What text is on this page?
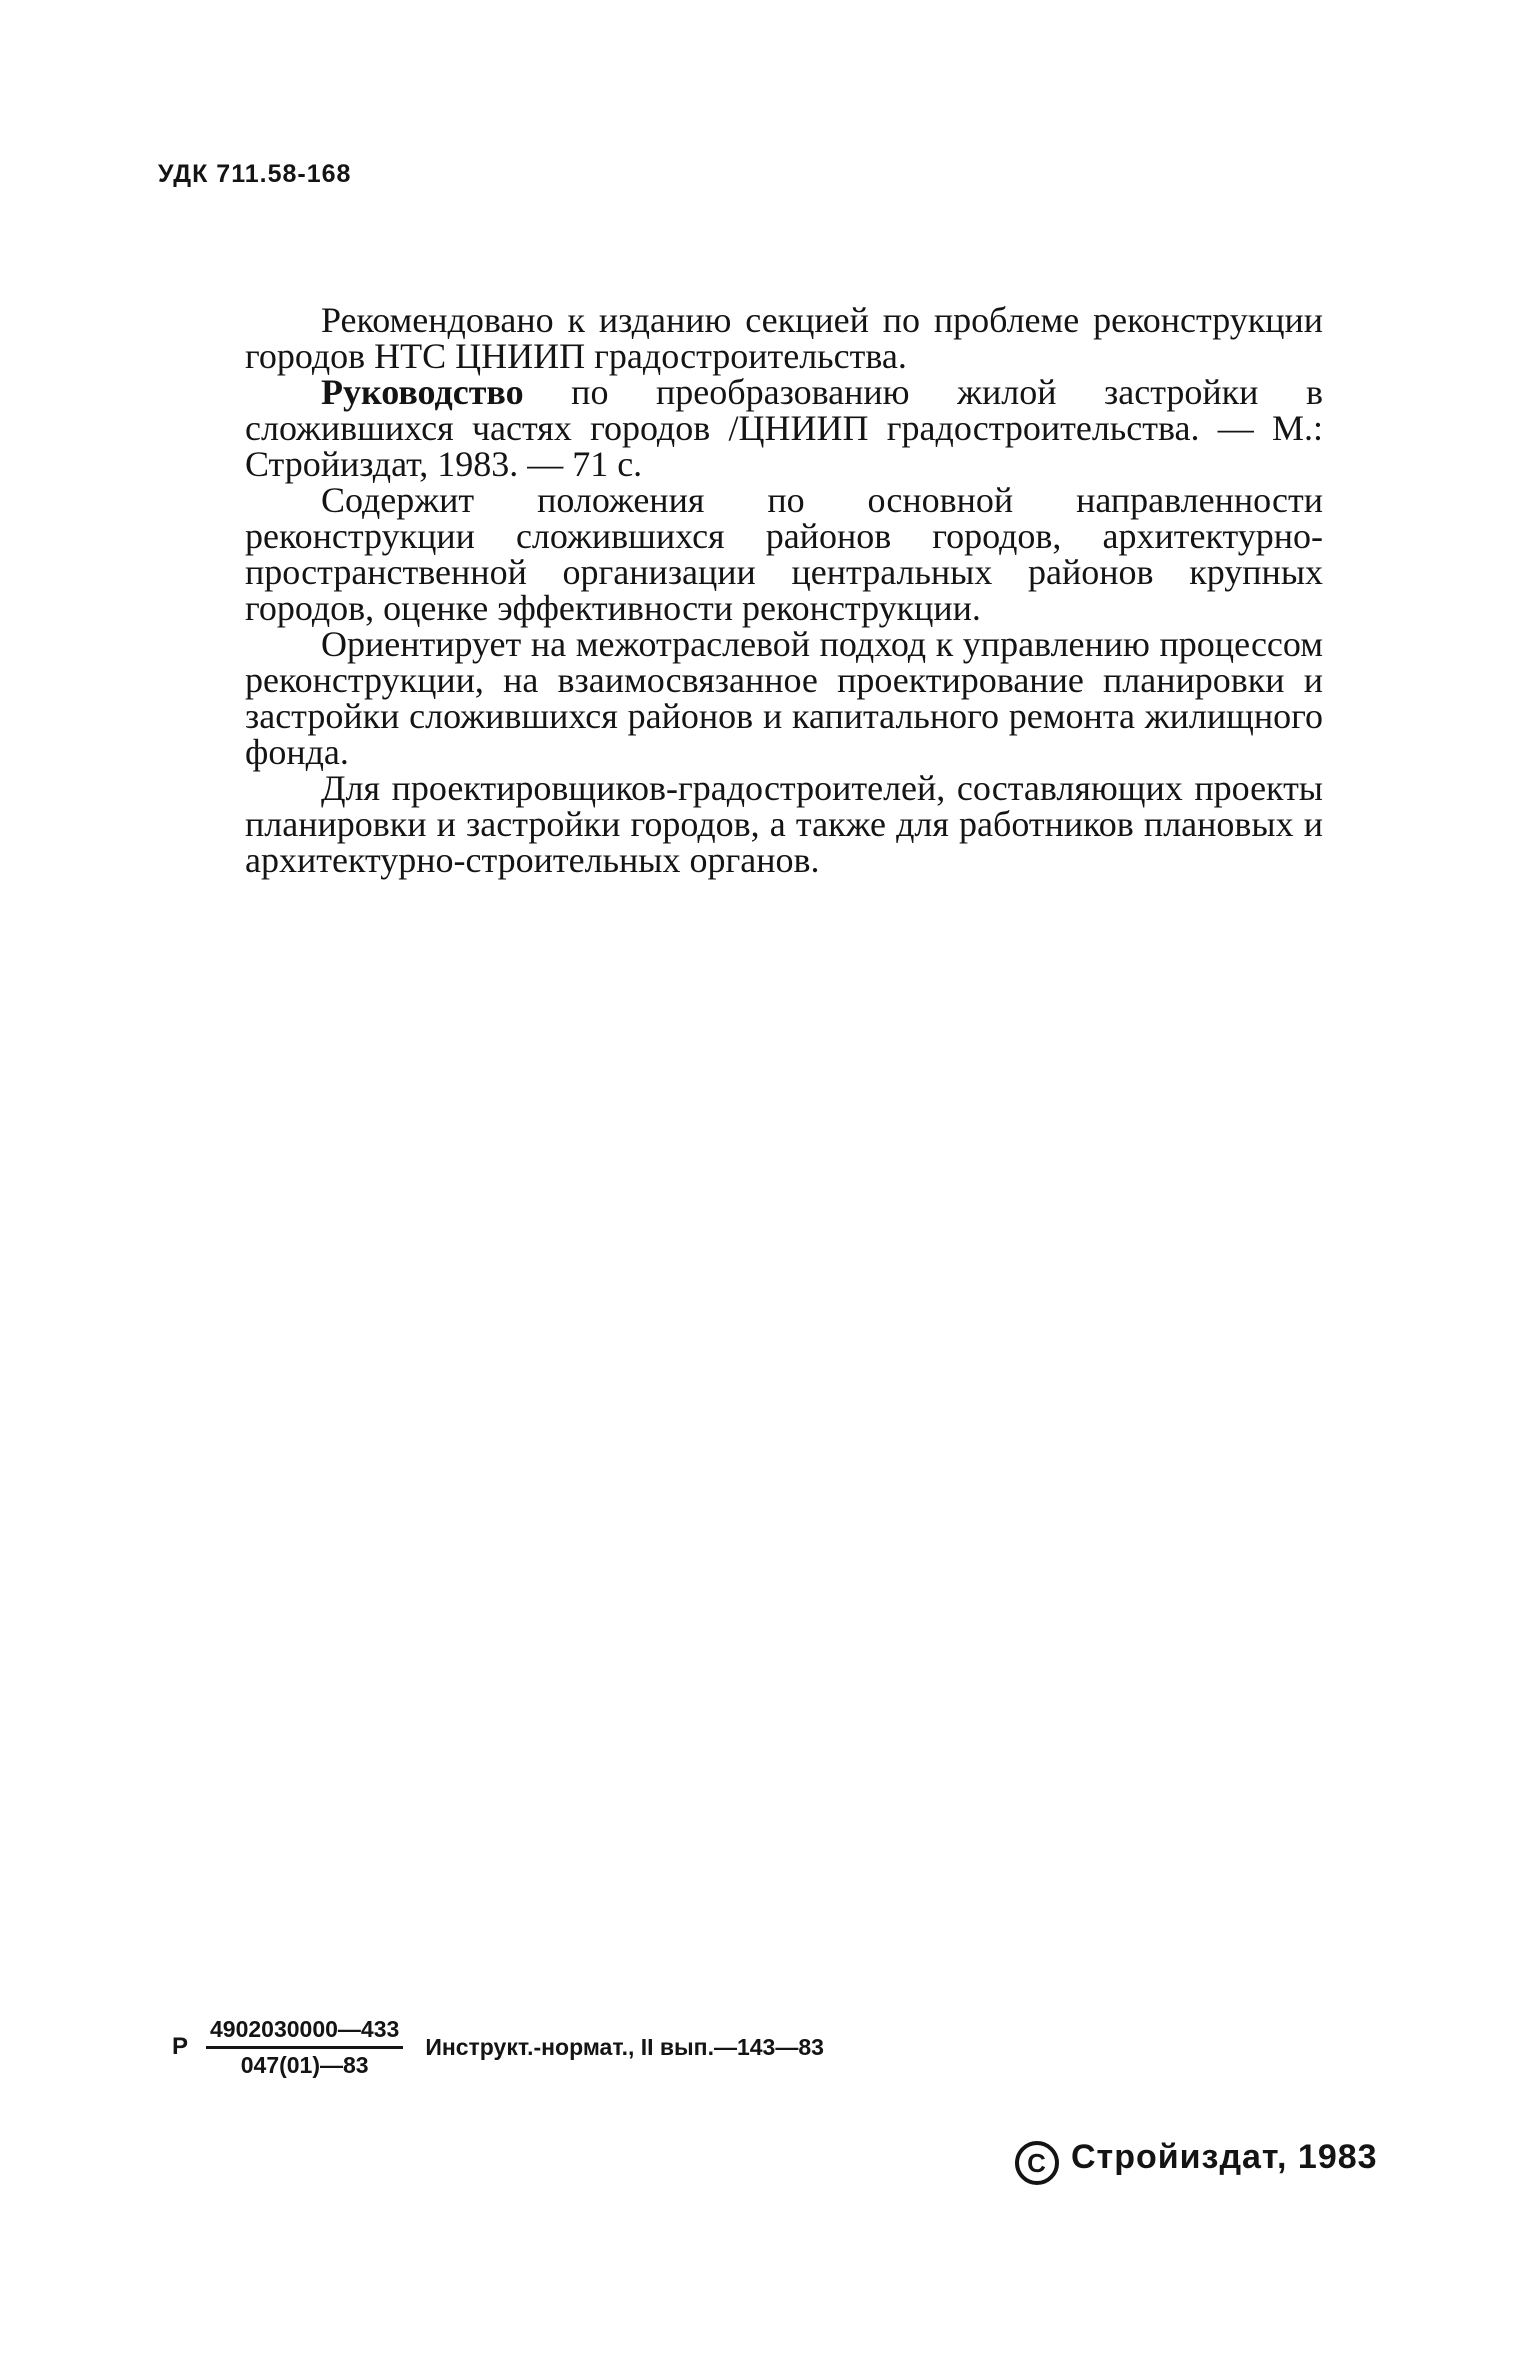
УДК 711.58-168

Рекомендовано к изданию секцией по проблеме реконструкции городов НТС ЦНИИП градостроительства.

Руководство по преобразованию жилой застройки в сложившихся частях городов /ЦНИИП градостроительства. — М.: Стройиздат, 1983. — 71 с.

Содержит положения по основной направленности реконструкции сложившихся районов городов, архитектурно-пространственной организации центральных районов крупных городов, оценке эффективности реконструкции.

Ориентирует на межотраслевой подход к управлению процессом реконструкции, на взаимосвязанное проектирование планировки и застройки сложившихся районов и капитального ремонта жилищного фонда.

Для проектировщиков-градостроителей, составляющих проекты планировки и застройки городов, а также для работников плановых и архитектурно-строительных органов.

Р $\frac{4902030000—433}{047(01)—83}$ Инструкт.-нормат., II вып.—143—83
C Стройиздат, 1983
